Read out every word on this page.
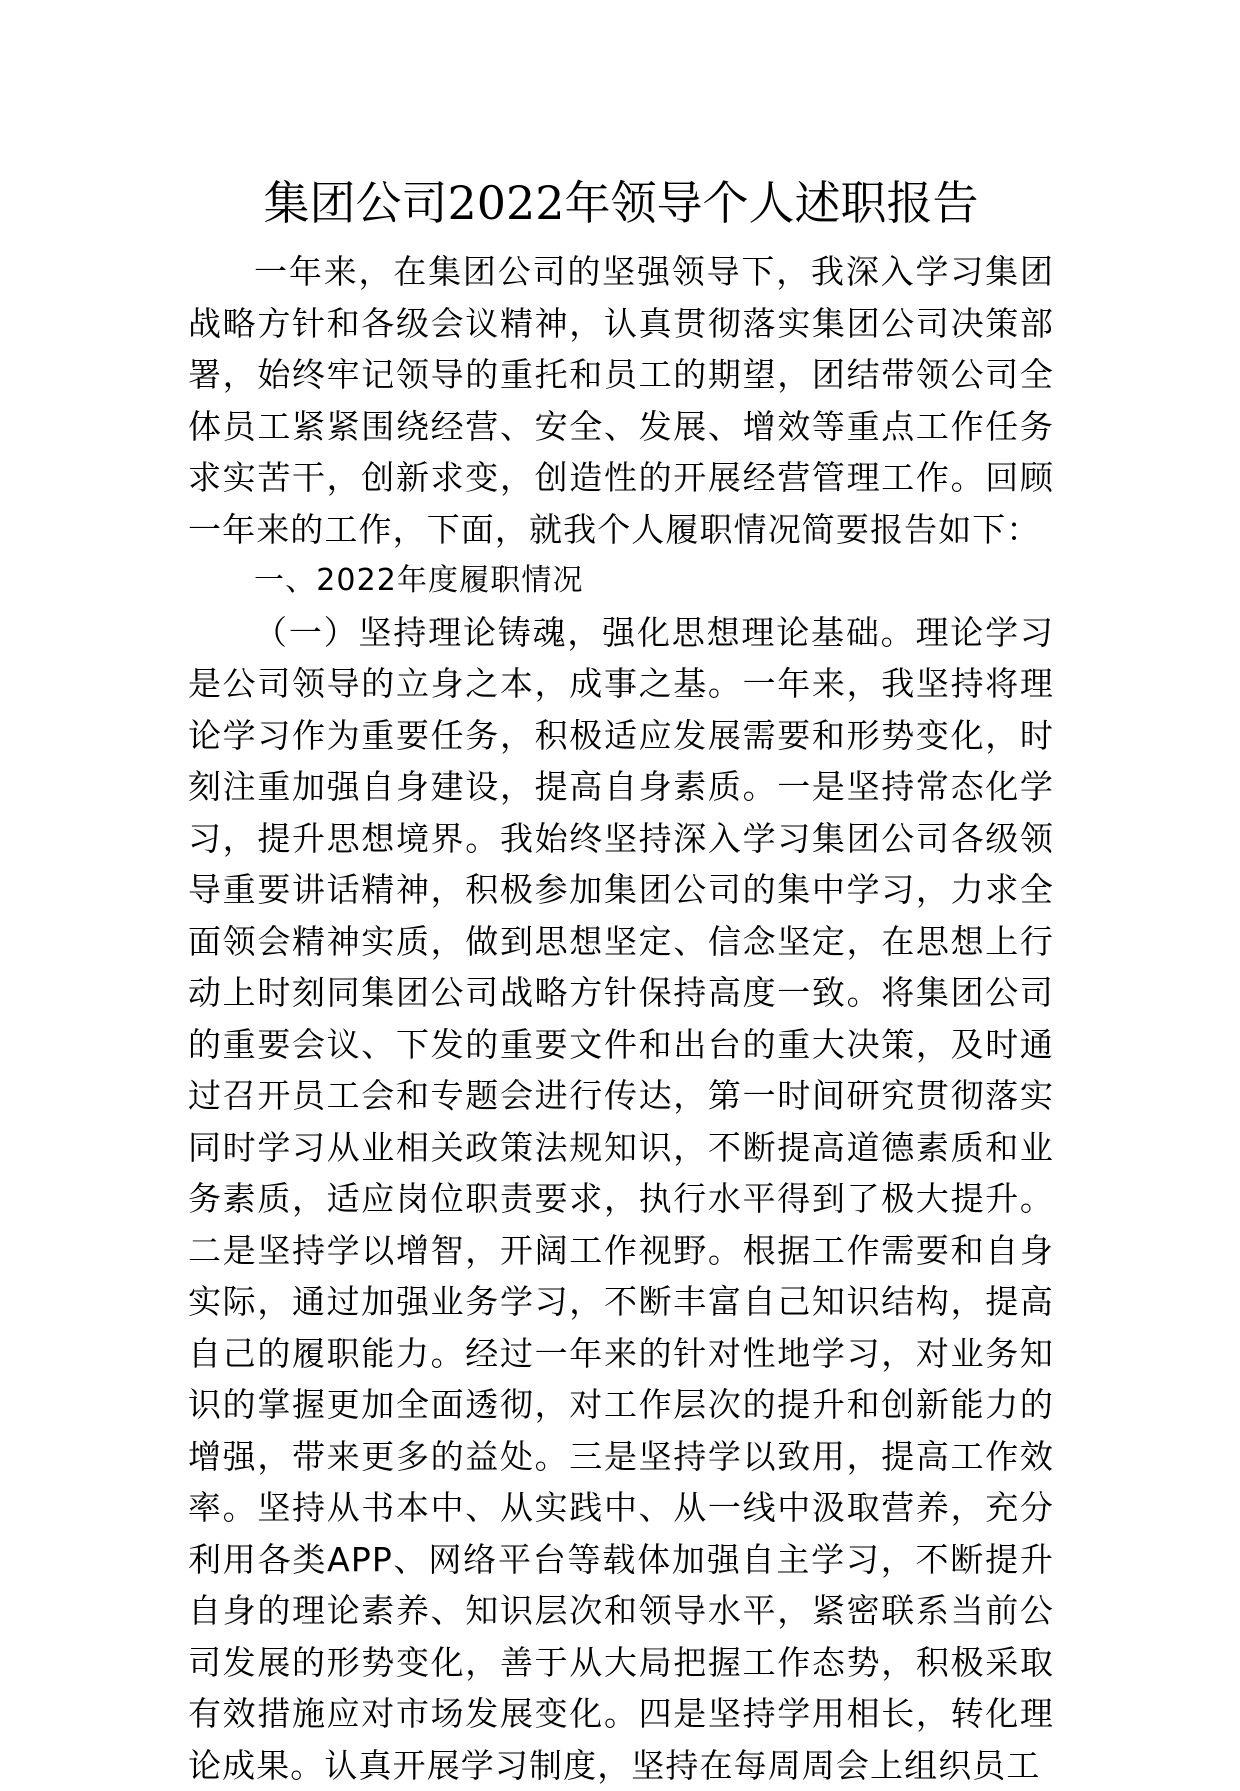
集团公司2022年领导个人述职报告

一年来，在集团公司的坚强领导下，我深入学习集团战略方针和各级会议精神，认真贯彻落实集团公司决策部署，始终牢记领导的重托和员工的期望，团结带领公司全体员工紧紧围绕经营、安全、发展、增效等重点工作任务求实苦干，创新求变，创造性的开展经营管理工作。回顾一年来的工作，下面，就我个人履职情况简要报告如下：

一、2022年度履职情况

（一）坚持理论铸魂，强化思想理论基础。理论学习是公司领导的立身之本，成事之基。一年来，我坚持将理论学习作为重要任务，积极适应发展需要和形势变化，时刻注重加强自身建设，提高自身素质。一是坚持常态化学习，提升思想境界。我始终坚持深入学习集团公司各级领导重要讲话精神，积极参加集团公司的集中学习，力求全面领会精神实质，做到思想坚定、信念坚定，在思想上行动上时刻同集团公司战略方针保持高度一致。将集团公司的重要会议、下发的重要文件和出台的重大决策，及时通过召开员工会和专题会进行传达，第一时间研究贯彻落实同时学习从业相关政策法规知识，不断提高道德素质和业务素质，适应岗位职责要求，执行水平得到了极大提升。二是坚持学以增智，开阔工作视野。根据工作需要和自身实际，通过加强业务学习，不断丰富自己知识结构，提高自己的履职能力。经过一年来的针对性地学习，对业务知识的掌握更加全面透彻，对工作层次的提升和创新能力的增强，带来更多的益处。三是坚持学以致用，提高工作效率。坚持从书本中、从实践中、从一线中汲取营养，充分利用各类APP、网络平台等载体加强自主学习，不断提升自身的理论素养、知识层次和领导水平，紧密联系当前公司发展的形势变化，善于从大局把握工作态势，积极采取有效措施应对市场发展变化。四是坚持学用相长，转化理论成果。认真开展学习制度，坚持在每周周会上组织员工
